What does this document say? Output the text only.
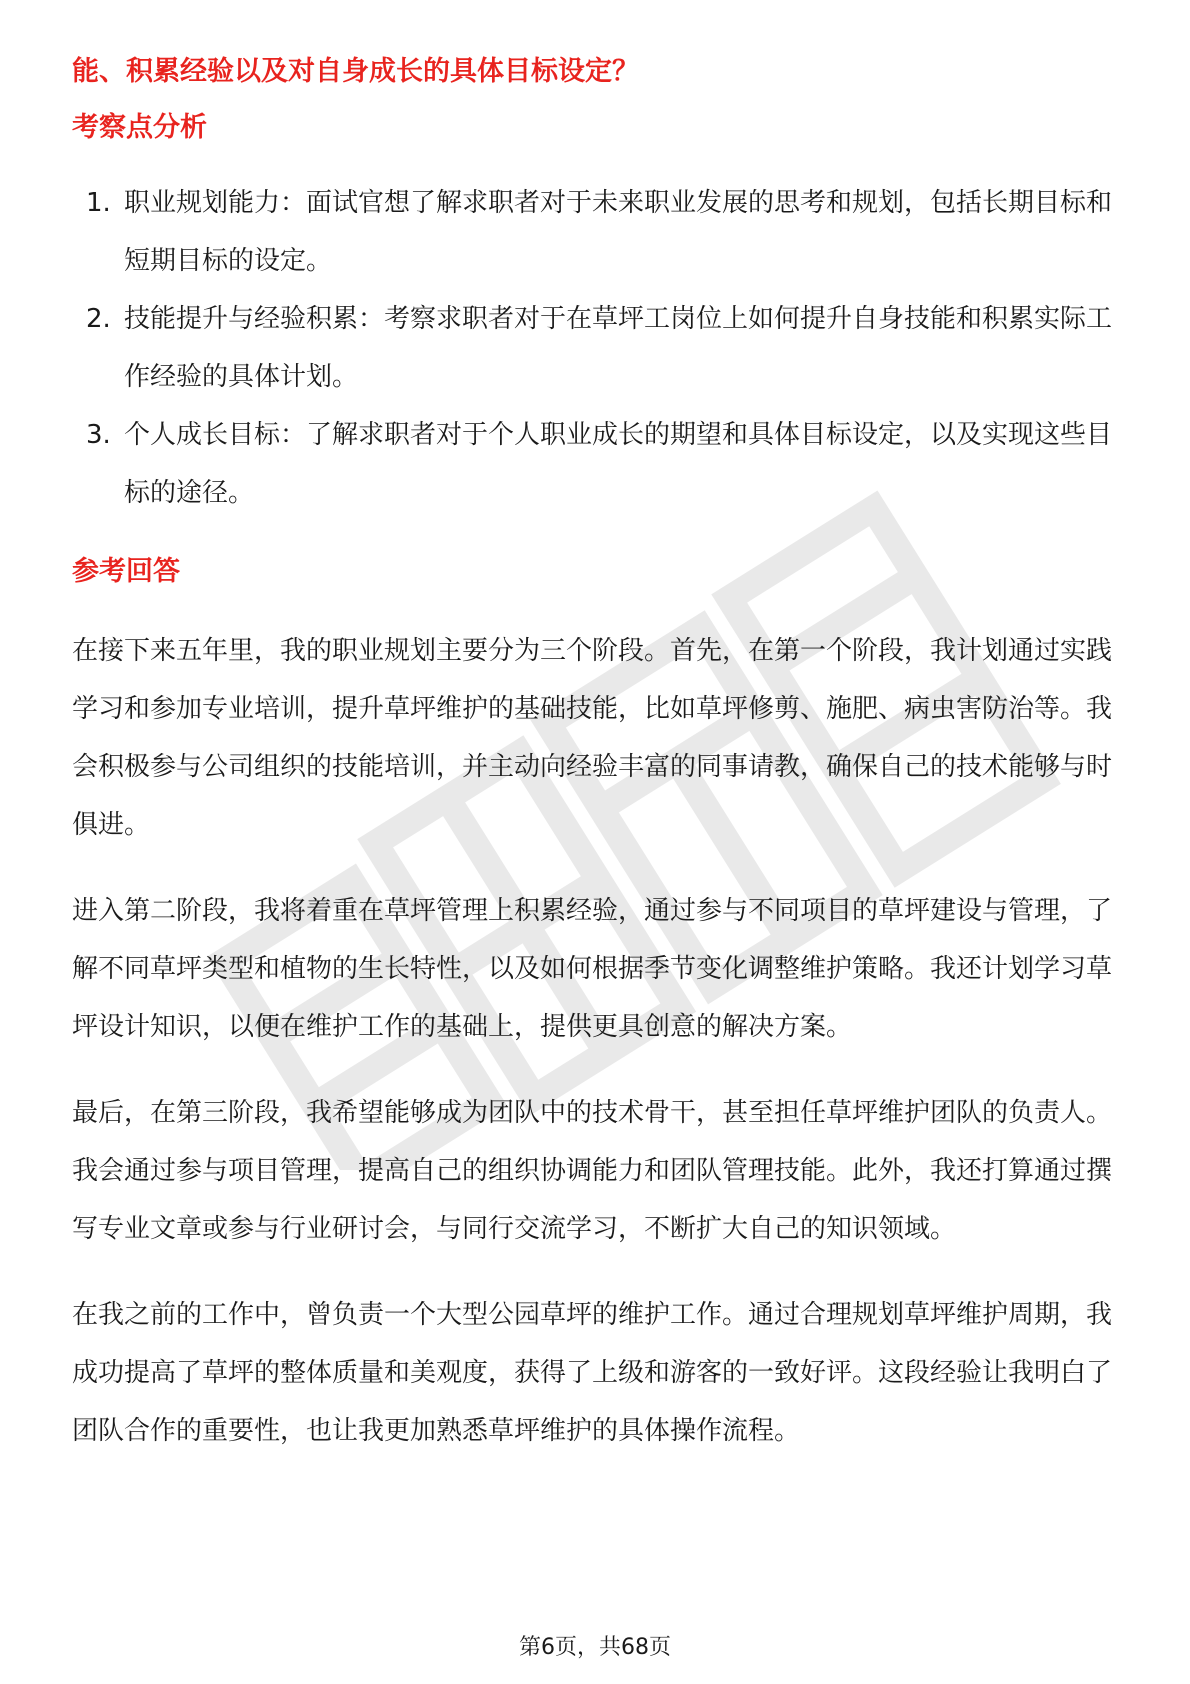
能、积累经验以及对自身成长的具体目标设定？

考察点分析
1. 职业规划能力：面试官想了解求职者对于未来职业发展的思考和规划，包括长期目标和短期目标的设定。
2. 技能提升与经验积累：考察求职者对于在草坪工岗位上如何提升自身技能和积累实际工作经验的具体计划。
3. 个人成长目标：了解求职者对于个人职业成长的期望和具体目标设定，以及实现这些目标的途径。
参考回答

在接下来五年里，我的职业规划主要分为三个阶段。首先，在第一个阶段，我计划通过实践学习和参加专业培训，提升草坪维护的基础技能，比如草坪修剪、施肥、病虫害防治等。我会积极参与公司组织的技能培训，并主动向经验丰富的同事请教，确保自己的技术能够与时俱进。

进入第二阶段，我将着重在草坪管理上积累经验，通过参与不同项目的草坪建设与管理，了解不同草坪类型和植物的生长特性，以及如何根据季节变化调整维护策略。我还计划学习草坪设计知识，以便在维护工作的基础上，提供更具创意的解决方案。

最后，在第三阶段，我希望能够成为团队中的技术骨干，甚至担任草坪维护团队的负责人。我会通过参与项目管理，提高自己的组织协调能力和团队管理技能。此外，我还打算通过撰写专业文章或参与行业研讨会，与同行交流学习，不断扩大自己的知识领域。

在我之前的工作中，曾负责一个大型公园草坪的维护工作。通过合理规划草坪维护周期，我成功提高了草坪的整体质量和美观度，获得了上级和游客的一致好评。这段经验让我明白了团队合作的重要性，也让我更加熟悉草坪维护的具体操作流程。

第6页，共68页
